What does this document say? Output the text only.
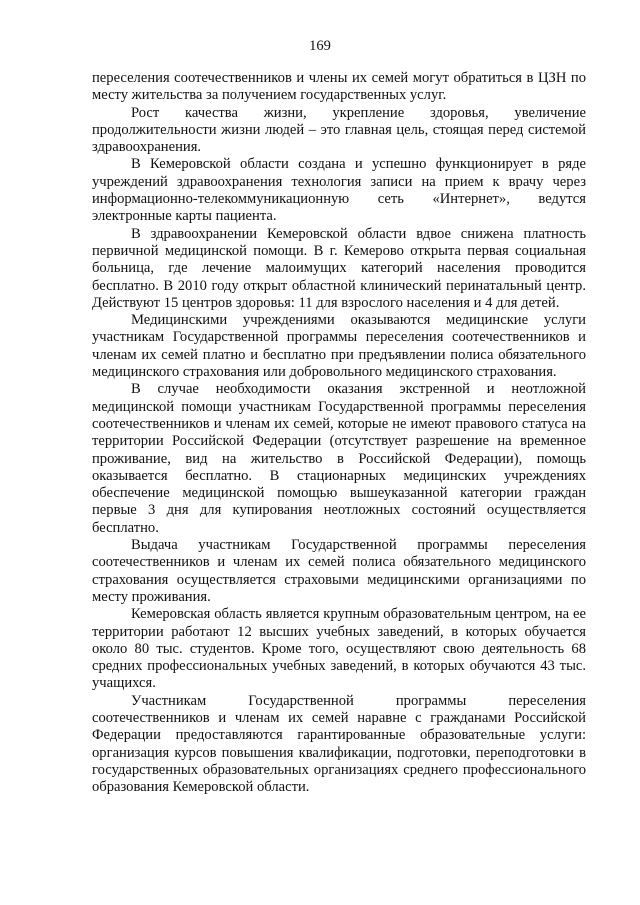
169

переселения соотечественников и члены их семей могут обратиться в ЦЗН по месту жительства за получением государственных услуг.

Рост качества жизни, укрепление здоровья, увеличение продолжительности жизни людей – это главная цель, стоящая перед системой здравоохранения.

В Кемеровской области создана и успешно функционирует в ряде учреждений здравоохранения технология записи на прием к врачу через информационно-телекоммуникационную сеть «Интернет», ведутся электронные карты пациента.

В здравоохранении Кемеровской области вдвое снижена платность первичной медицинской помощи. В г. Кемерово открыта первая социальная больница, где лечение малоимущих категорий населения проводится бесплатно. В 2010 году открыт областной клинический перинатальный центр. Действуют 15 центров здоровья: 11 для взрослого населения и 4 для детей.

Медицинскими учреждениями оказываются медицинские услуги участникам Государственной программы переселения соотечественников и членам их семей платно и бесплатно при предъявлении полиса обязательного медицинского страхования или добровольного медицинского страхования.

В случае необходимости оказания экстренной и неотложной медицинской помощи участникам Государственной программы переселения соотечественников и членам их семей, которые не имеют правового статуса на территории Российской Федерации (отсутствует разрешение на временное проживание, вид на жительство в Российской Федерации), помощь оказывается бесплатно. В стационарных медицинских учреждениях обеспечение медицинской помощью вышеуказанной категории граждан первые 3 дня для купирования неотложных состояний осуществляется бесплатно.

Выдача участникам Государственной программы переселения соотечественников и членам их семей полиса обязательного медицинского страхования осуществляется страховыми медицинскими организациями по месту проживания.

Кемеровская область является крупным образовательным центром, на ее территории работают 12 высших учебных заведений, в которых обучается около 80 тыс. студентов. Кроме того, осуществляют свою деятельность 68 средних профессиональных учебных заведений, в которых обучаются 43 тыс. учащихся.

Участникам Государственной программы переселения соотечественников и членам их семей наравне с гражданами Российской Федерации предоставляются гарантированные образовательные услуги: организация курсов повышения квалификации, подготовки, переподготовки в государственных образовательных организациях среднего профессионального образования Кемеровской области.
